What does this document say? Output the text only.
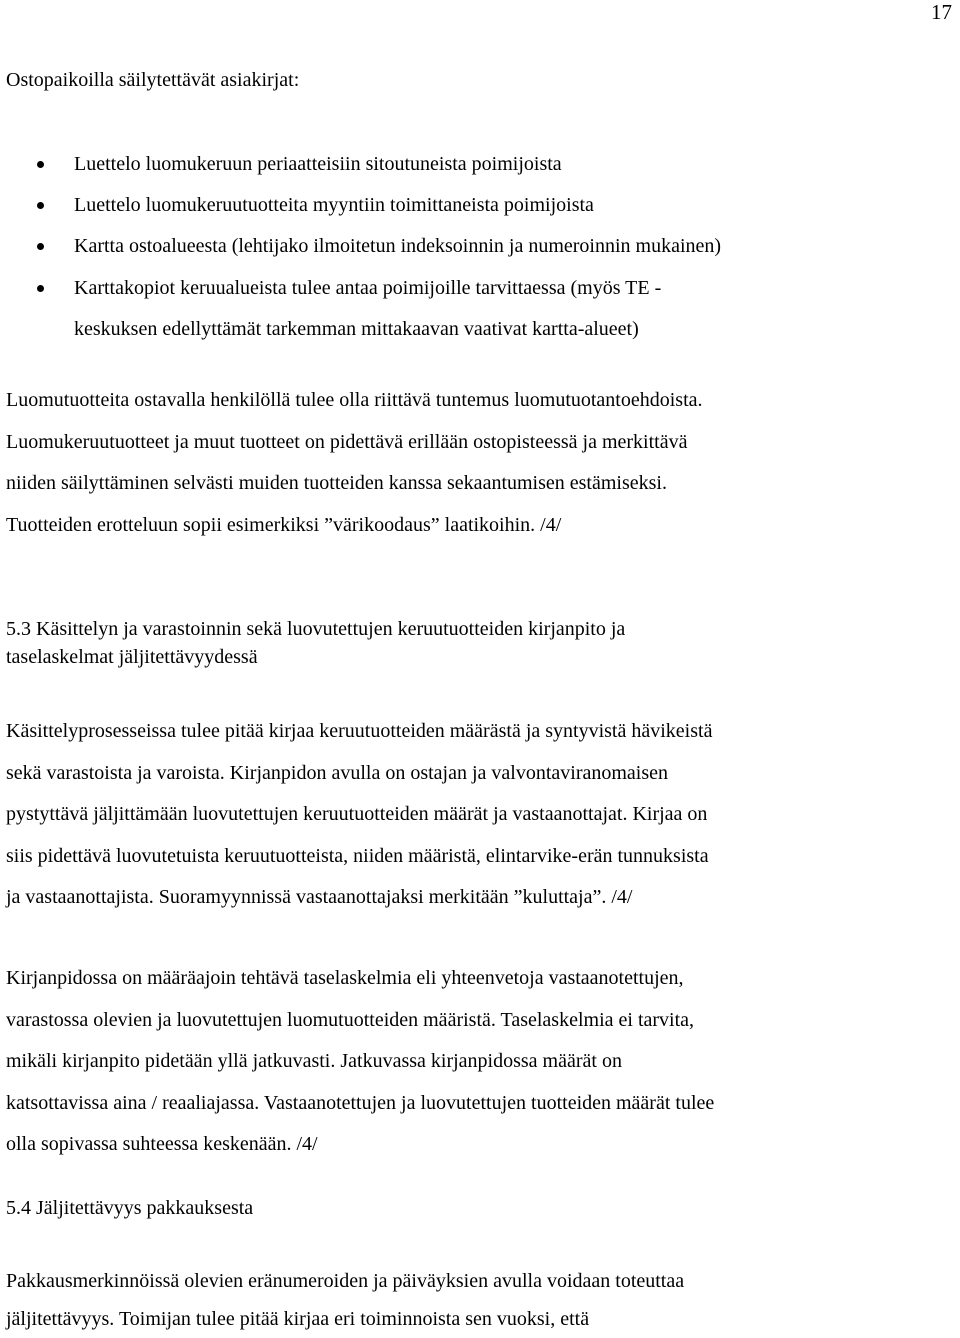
17
Ostopaikoilla säilytettävät asiakirjat:
Luettelo luomukeruun periaatteisiin sitoutuneista poimijoista
Luettelo luomukeruutuotteita myyntiin toimittaneista poimijoista
Kartta ostoalueesta (lehtijako ilmoitetun indeksoinnin ja numeroinnin mukainen)
Karttakopiot keruualueista tulee antaa poimijoille tarvittaessa (myös TE -
keskuksen edellyttämät tarkemman mittakaavan vaativat kartta-alueet)
Luomutuotteita ostavalla henkilöllä tulee olla riittävä tuntemus luomutuotantoehdoista.
Luomukeruutuotteet ja muut tuotteet on pidettävä erillään ostopisteessä ja merkittävä
niiden säilyttäminen selvästi muiden tuotteiden kanssa sekaantumisen estämiseksi.
Tuotteiden erotteluun sopii esimerkiksi ”värikoodaus” laatikoihin. /4/
5.3 Käsittelyn ja varastoinnin sekä luovutettujen keruutuotteiden kirjanpito ja
taselaskelmat jäljitettävyydessä
Käsittelyprosesseissa tulee pitää kirjaa keruutuotteiden määrästä ja syntyvistä hävikeistä
sekä varastoista ja varoista. Kirjanpidon avulla on ostajan ja valvontaviranomaisen
pystyttävä jäljittämään luovutettujen keruutuotteiden määrät ja vastaanottajat. Kirjaa on
siis pidettävä luovutetuista keruutuotteista, niiden määristä, elintarvike-erän tunnuksista
ja vastaanottajista. Suoramyynnissä vastaanottajaksi merkitään ”kuluttaja”. /4/
Kirjanpidossa on määräajoin tehtävä taselaskelmia eli yhteenvetoja vastaanotettujen,
varastossa olevien ja luovutettujen luomutuotteiden määristä. Taselaskelmia ei tarvita,
mikäli kirjanpito pidetään yllä jatkuvasti. Jatkuvassa kirjanpidossa määrät on
katsottavissa aina / reaaliajassa. Vastaanotettujen ja luovutettujen tuotteiden määrät tulee
olla sopivassa suhteessa keskenään. /4/
5.4 Jäljitettävyys pakkauksesta
Pakkausmerkinnöissä olevien eränumeroiden ja päiväyksien avulla voidaan toteuttaa
jäljitettävyys. Toimijan tulee pitää kirjaa eri toiminnoista sen vuoksi, että
